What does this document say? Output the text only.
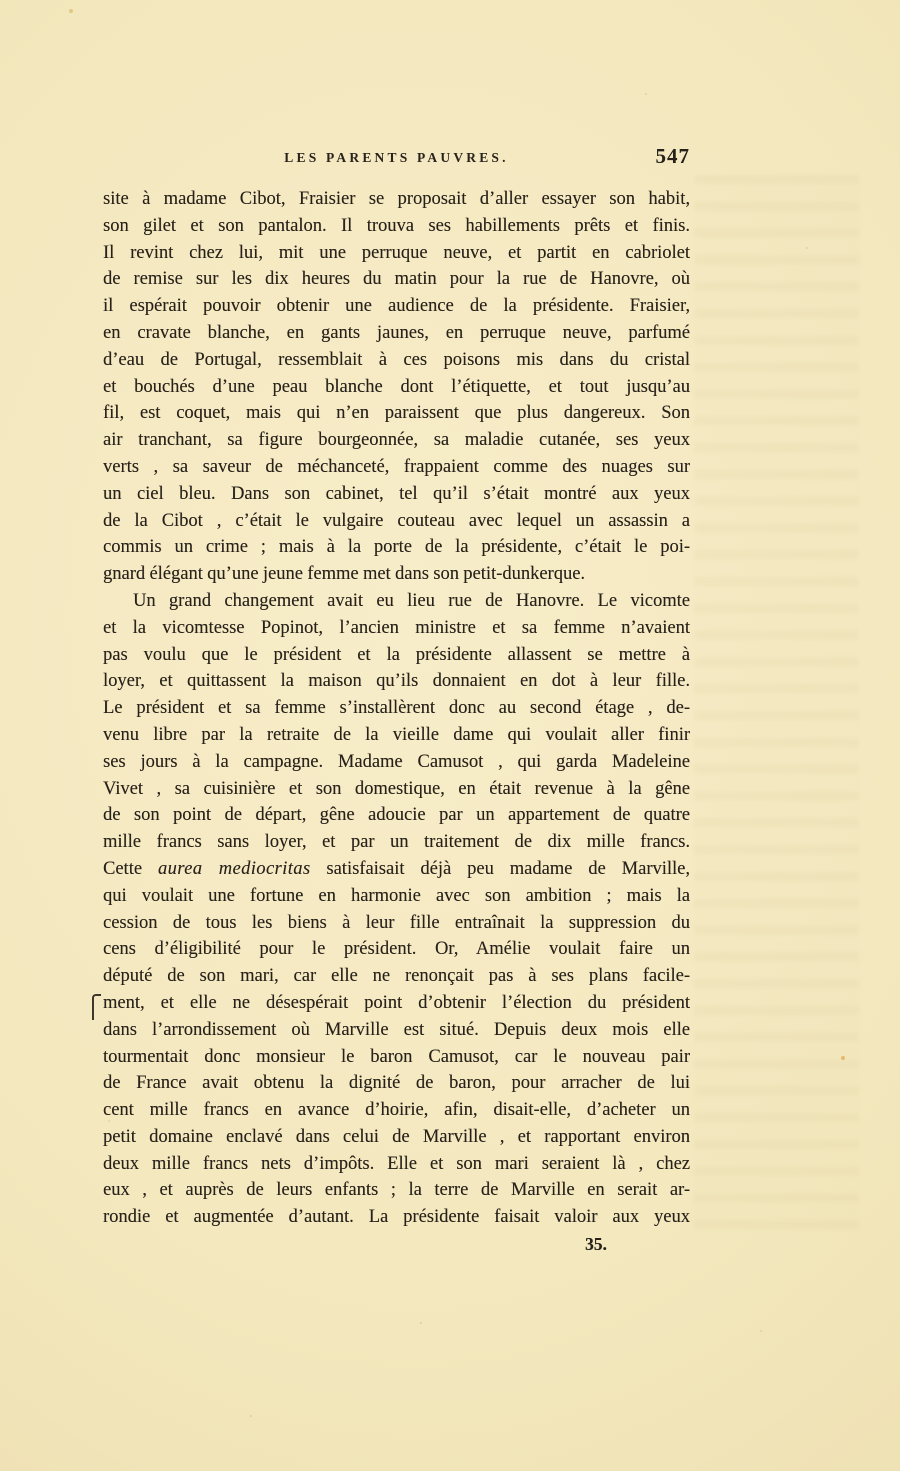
LES PARENTS PAUVRES.	547
site à madame Cibot, Fraisier se proposait d’aller essayer son habit,
son gilet et son pantalon. Il trouva ses habillements prêts et finis.
Il revint chez lui, mit une perruque neuve, et partit en cabriolet
de remise sur les dix heures du matin pour la rue de Hanovre, où
il espérait pouvoir obtenir une audience de la présidente. Fraisier,
en cravate blanche, en gants jaunes, en perruque neuve, parfumé
d’eau de Portugal, ressemblait à ces poisons mis dans du cristal
et bouchés d’une peau blanche dont l’étiquette, et tout jusqu’au
fil, est coquet, mais qui n’en paraissent que plus dangereux. Son
air tranchant, sa figure bourgeonnée, sa maladie cutanée, ses yeux
verts , sa saveur de méchanceté, frappaient comme des nuages sur
un ciel bleu. Dans son cabinet, tel qu’il s’était montré aux yeux
de la Cibot , c’était le vulgaire couteau avec lequel un assassin a
commis un crime ; mais à la porte de la présidente, c’était le poi-
gnard élégant qu’une jeune femme met dans son petit-dunkerque.
Un grand changement avait eu lieu rue de Hanovre. Le vicomte
et la vicomtesse Popinot, l’ancien ministre et sa femme n’avaient
pas voulu que le président et la présidente allassent se mettre à
loyer, et quittassent la maison qu’ils donnaient en dot à leur fille.
Le président et sa femme s’installèrent donc au second étage , de-
venu libre par la retraite de la vieille dame qui voulait aller finir
ses jours à la campagne. Madame Camusot , qui garda Madeleine
Vivet , sa cuisinière et son domestique, en était revenue à la gêne
de son point de départ, gêne adoucie par un appartement de quatre
mille francs sans loyer, et par un traitement de dix mille francs.
Cette aurea mediocritas satisfaisait déjà peu madame de Marville,
qui voulait une fortune en harmonie avec son ambition ; mais la
cession de tous les biens à leur fille entraînait la suppression du
cens d’éligibilité pour le président. Or, Amélie voulait faire un
député de son mari, car elle ne renonçait pas à ses plans facile-
ment, et elle ne désespérait point d’obtenir l’élection du président
dans l’arrondissement où Marville est situé. Depuis deux mois elle
tourmentait donc monsieur le baron Camusot, car le nouveau pair
de France avait obtenu la dignité de baron, pour arracher de lui
cent mille francs en avance d’hoirie, afin, disait-elle, d’acheter un
petit domaine enclavé dans celui de Marville , et rapportant environ
deux mille francs nets d’impôts. Elle et son mari seraient là , chez
eux , et auprès de leurs enfants ; la terre de Marville en serait ar-
rondie et augmentée d’autant. La présidente faisait valoir aux yeux
35.
